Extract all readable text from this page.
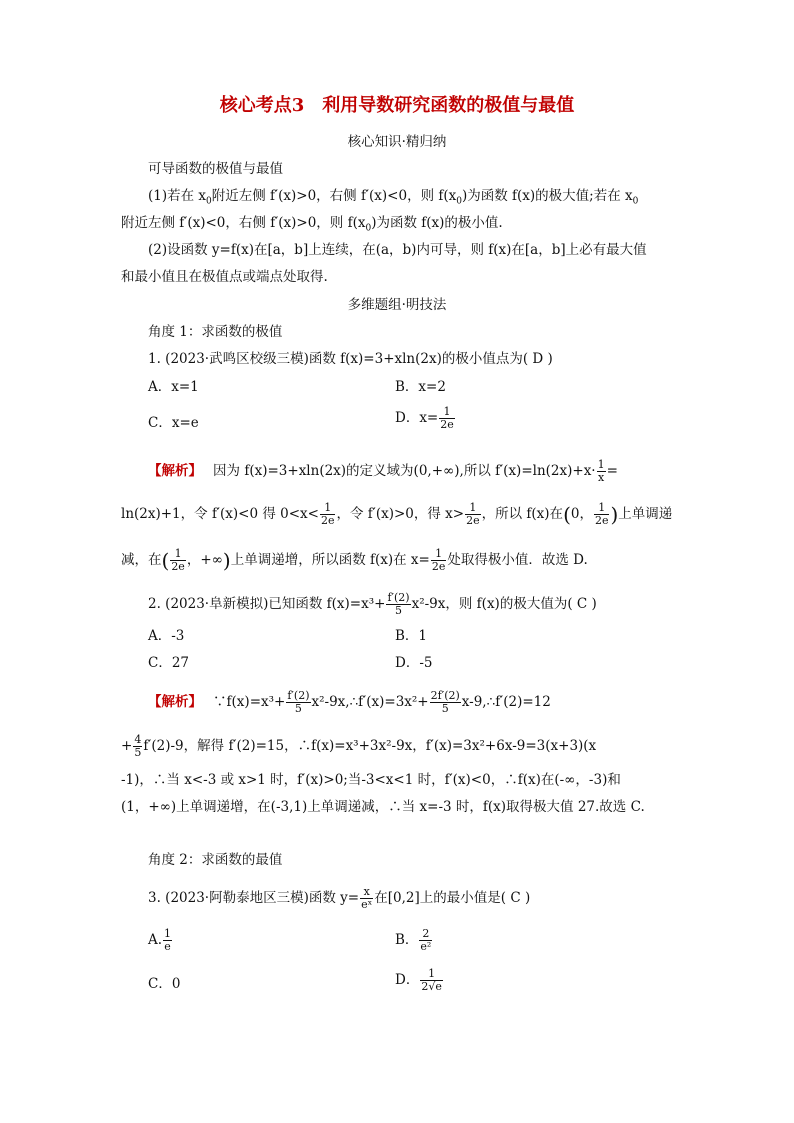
核心考点3　利用导数研究函数的极值与最值
核心知识·精归纳
可导函数的极值与最值
(1)若在 $x_0$附近左侧 f′(x)>0，右侧 f′(x)<0，则 $f(x_0)$为函数 f(x)的极大值;若在 $x_0$
附近左侧 f′(x)<0，右侧 f′(x)>0，则 $f(x_0)$为函数 f(x)的极小值.
(2)设函数 y=f(x)在[a，b]上连续，在(a，b)内可导，则 f(x)在[a，b]上必有最大值
和最小值且在极值点或端点处取得.
多维题组·明技法
角度 1：求函数的极值
1. (2023·武鸣区校级三模)函数 f(x)=3+xln(2x)的极小值点为( D )
A．x=1	B．x=2
C．x=e	D．$x= \frac{1}{2e}$
【解析】　 因为 f(x)=3+xln(2x)的定义域为(0,+∞),所以 $f'(x)=\ln(2x)+x\cdot \frac{1}{x}$ =
ln(2x)+1，令 f′(x)<0 得 $0<x< \frac{1}{2e}$ ，令 f′(x)>0，得 $x> \frac{1}{2e}$ ，所以 f(x)在(0， $\frac{1}{2e}$ )上单调递
减，在( $\frac{1}{2e}$ ，+∞)上单调递增，所以函数 f(x)在 $x= \frac{1}{2e}$ 处取得极小值．故选 D.
2. (2023·阜新模拟)已知函数 $f(x)=x^3+ \frac{f'(2)}{5} x^2-9x$，则 f(x)的极大值为( C )
A．-3	B．1
C．27	D．-5
【解析】　 ∵f(x)=x³+ $\frac{f'(2)}{5}$ x²-9x,∴f′(x)=3x²+ $\frac{2f'(2)}{5}$ x-9,∴f′(2)=12
+ $\frac{4}{5} f'(2)-9$，解得 f′(2)=15，∴f(x)=x³+3x²-9x，f′(x)=3x²+6x-9=3(x+3)(x
-1)，∴当 x<-3 或 x>1 时，f′(x)>0;当-3<x<1 时，f′(x)<0，∴f(x)在(-∞，-3)和
(1，+∞)上单调递增，在(-3,1)上单调递减，∴当 x=-3 时，f(x)取得极大值 27.故选 C.
角度 2：求函数的最值
3. (2023·阿勒泰地区三模)函数 $y= \frac{x}{\text{eˣ}}$ 在[0,2]上的最小值是( C )
A. $\frac{1}{e}$	B． $\frac{2}{\text{e²}}$
C．0	D． $\frac{1}{2√e}$
